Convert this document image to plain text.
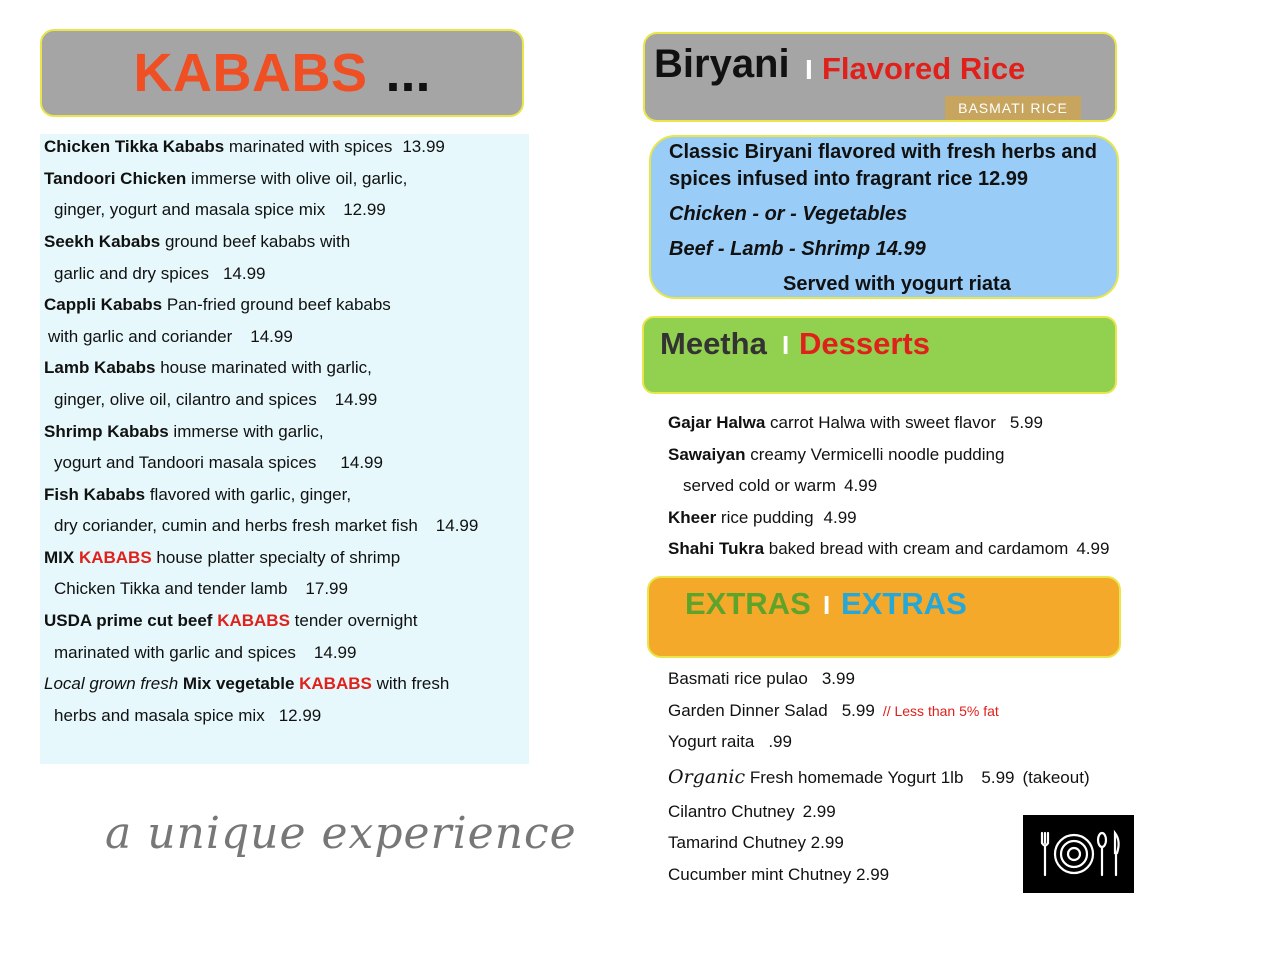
KABABS ...
Chicken Tikka Kababs marinated with spices 13.99
Tandoori Chicken immerse with olive oil, garlic,
ginger, yogurt and masala spice mix 12.99
Seekh Kababs ground beef kababs with
garlic and dry spices 14.99
Cappli Kababs Pan-fried ground beef kababs
with garlic and coriander 14.99
Lamb Kababs house marinated with garlic,
ginger, olive oil, cilantro and spices 14.99
Shrimp Kababs immerse with garlic,
yogurt and Tandoori masala spices 14.99
Fish Kababs flavored with garlic, ginger,
dry coriander, cumin and herbs fresh market fish 14.99
MIX KABABS house platter specialty of shrimp
Chicken Tikka and tender lamb 17.99
USDA prime cut beef KABABS tender overnight
marinated with garlic and spices 14.99
Local grown fresh Mix vegetable KABABS with fresh
herbs and masala spice mix 12.99
a unique experience
Biryani I Flavored Rice
BASMATI RICE
Classic Biryani flavored with fresh herbs and
spices infused into fragrant rice 12.99
Chicken - or - Vegetables
Beef - Lamb - Shrimp 14.99
Served with yogurt riata
Meetha I Desserts
Gajar Halwa carrot Halwa with sweet flavor 5.99
Sawaiyan creamy Vermicelli noodle pudding
served cold or warm 4.99
Kheer rice pudding 4.99
Shahi Tukra baked bread with cream and cardamom 4.99
EXTRAS I EXTRAS
Basmati rice pulao 3.99
Garden Dinner Salad 5.99 // Less than 5% fat
Yogurt raita .99
Organic Fresh homemade Yogurt 1lb 5.99 (takeout)
Cilantro Chutney 2.99
Tamarind Chutney 2.99
Cucumber mint Chutney 2.99
